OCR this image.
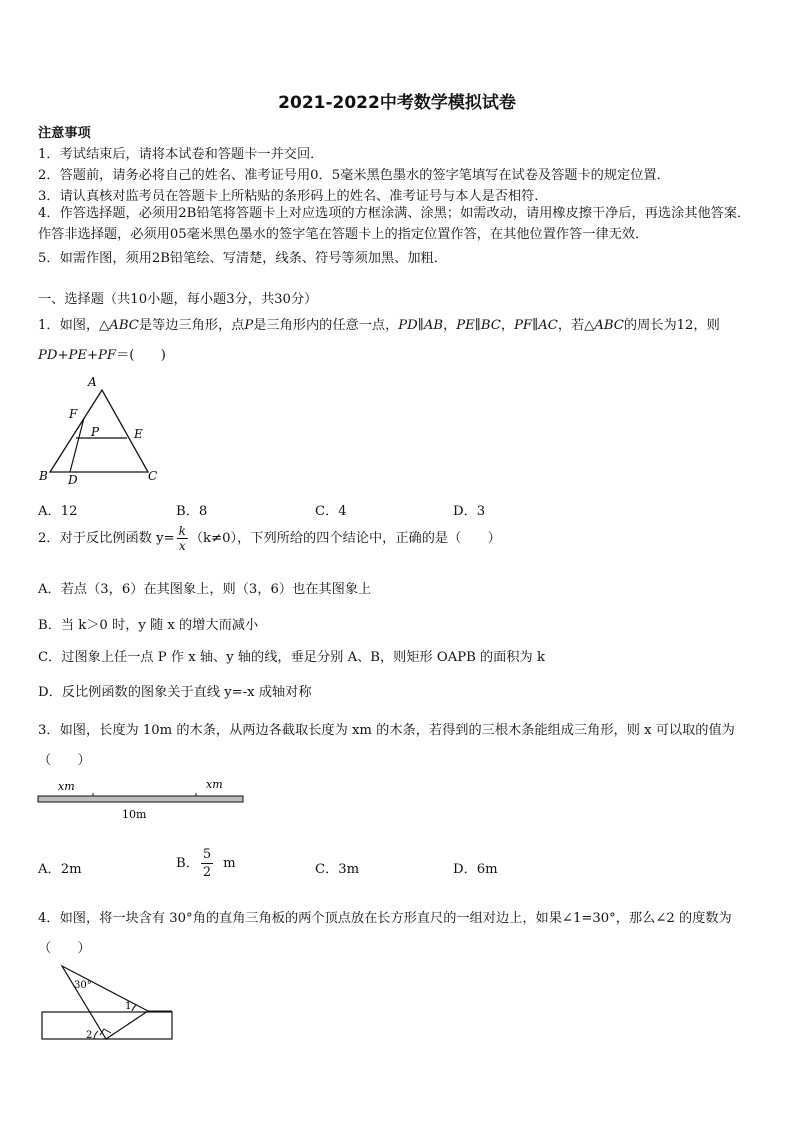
2021-2022中考数学模拟试卷
注意事项
1．考试结束后，请将本试卷和答题卡一并交回．
2．答题前，请务必将自己的姓名、准考证号用0．5毫米黑色墨水的签字笔填写在试卷及答题卡的规定位置．
3．请认真核对监考员在答题卡上所粘贴的条形码上的姓名、准考证号与本人是否相符．
4．作答选择题，必须用2B铅笔将答题卡上对应选项的方框涂满、涂黑；如需改动，请用橡皮擦干净后，再选涂其他答案．作答非选择题，必须用05毫米黑色墨水的签字笔在答题卡上的指定位置作答，在其他位置作答一律无效．
5．如需作图，须用2B铅笔绘、写清楚，线条、符号等须加黑、加粗．
一、选择题（共10小题，每小题3分，共30分）
1．如图，△ABC是等边三角形，点P是三角形内的任意一点，PD∥AB，PE∥BC，PF∥AC，若△ABC的周长为12，则
PD+PE+PF＝(　　)
A
F
P	E
B D	C
A．12	B．8	C．4	D．3
2．对于反比例函数 $y= \frac{k}{x} (k\ne 0)$，下列所给的四个结论中，正确的是（　　）
A．若点（3，6）在其图象上，则（3，6）也在其图象上
B．当 k＞0 时，y 随 x 的增大而减小
C．过图象上任一点 P 作 x 轴、y 轴的线，垂足分别 A、B，则矩形 OAPB 的面积为 k
D．反比例函数的图象关于直线 y=-x 成轴对称
3．如图，长度为 10m 的木条，从两边各截取长度为 xm 的木条，若得到的三根木条能组成三角形，则 x 可以取的值为（　　）
xm	xm
10m
A．2m	B． $\frac{5}{2}$ m	C．3m	D．6m
4．如图，将一块含有 30°角的直角三角板的两个顶点放在长方形直尺的一组对边上，如果∠1=30°，那么∠2 的度数为（　　）
30°
1
2
